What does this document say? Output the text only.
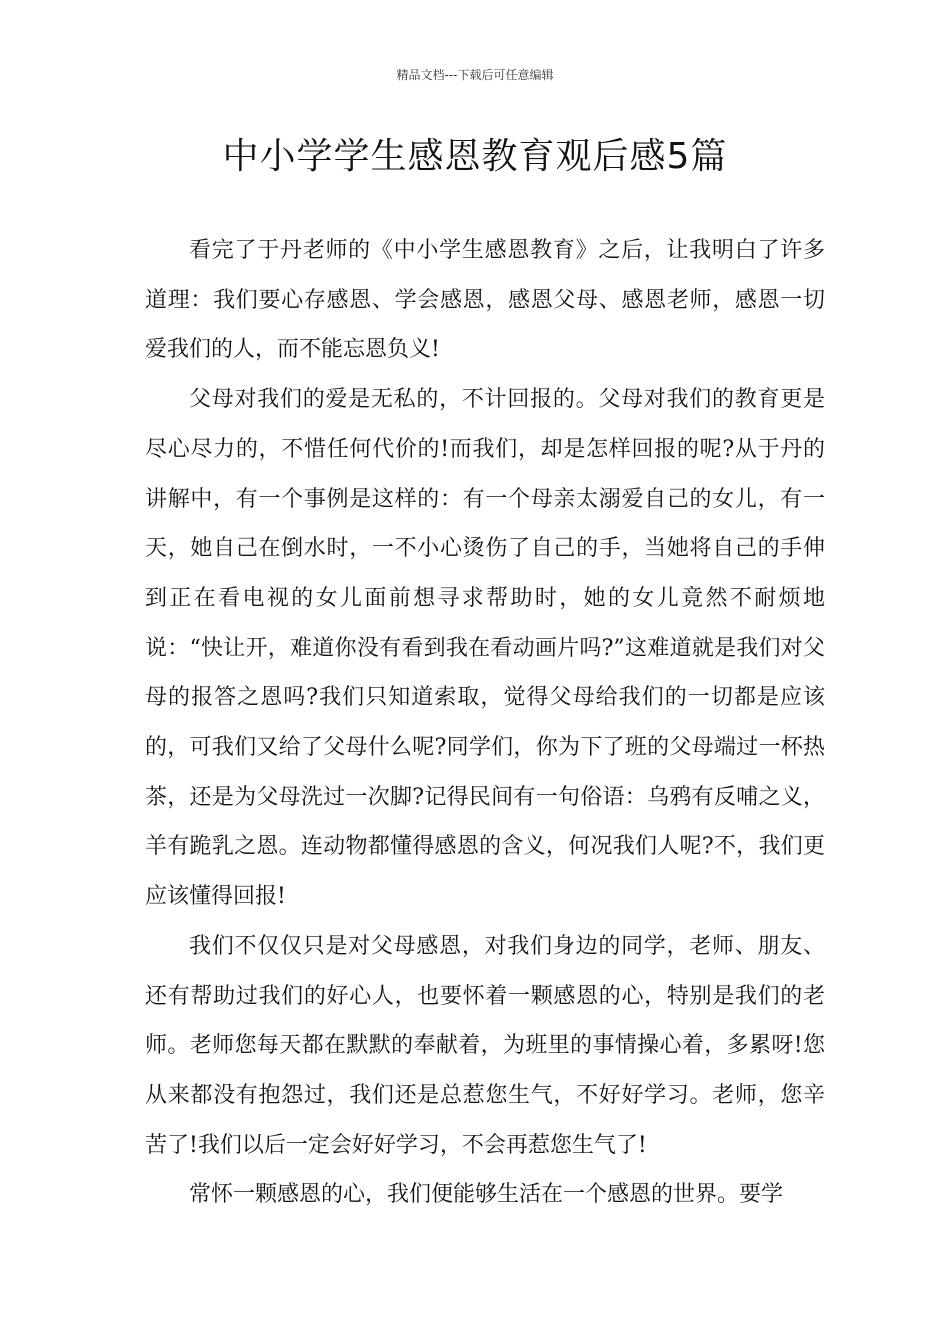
精品文档---下载后可任意编辑
中小学学生感恩教育观后感5篇

看完了于丹老师的《中小学生感恩教育》之后，让我明白了许多道理：我们要心存感恩、学会感恩，感恩父母、感恩老师，感恩一切爱我们的人，而不能忘恩负义!

父母对我们的爱是无私的，不计回报的。父母对我们的教育更是尽心尽力的，不惜任何代价的!而我们，却是怎样回报的呢?从于丹的讲解中，有一个事例是这样的：有一个母亲太溺爱自己的女儿，有一天，她自己在倒水时，一不小心烫伤了自己的手，当她将自己的手伸到正在看电视的女儿面前想寻求帮助时，她的女儿竟然不耐烦地说：“快让开，难道你没有看到我在看动画片吗?”这难道就是我们对父母的报答之恩吗?我们只知道索取，觉得父母给我们的一切都是应该的，可我们又给了父母什么呢?同学们，你为下了班的父母端过一杯热茶，还是为父母洗过一次脚?记得民间有一句俗语：乌鸦有反哺之义，羊有跪乳之恩。连动物都懂得感恩的含义，何况我们人呢?不，我们更应该懂得回报!

我们不仅仅只是对父母感恩，对我们身边的同学，老师、朋友、还有帮助过我们的好心人，也要怀着一颗感恩的心，特别是我们的老师。老师您每天都在默默的奉献着，为班里的事情操心着，多累呀!您从来都没有抱怨过，我们还是总惹您生气，不好好学习。老师，您辛苦了!我们以后一定会好好学习，不会再惹您生气了!

常怀一颗感恩的心，我们便能够生活在一个感恩的世界。要学
